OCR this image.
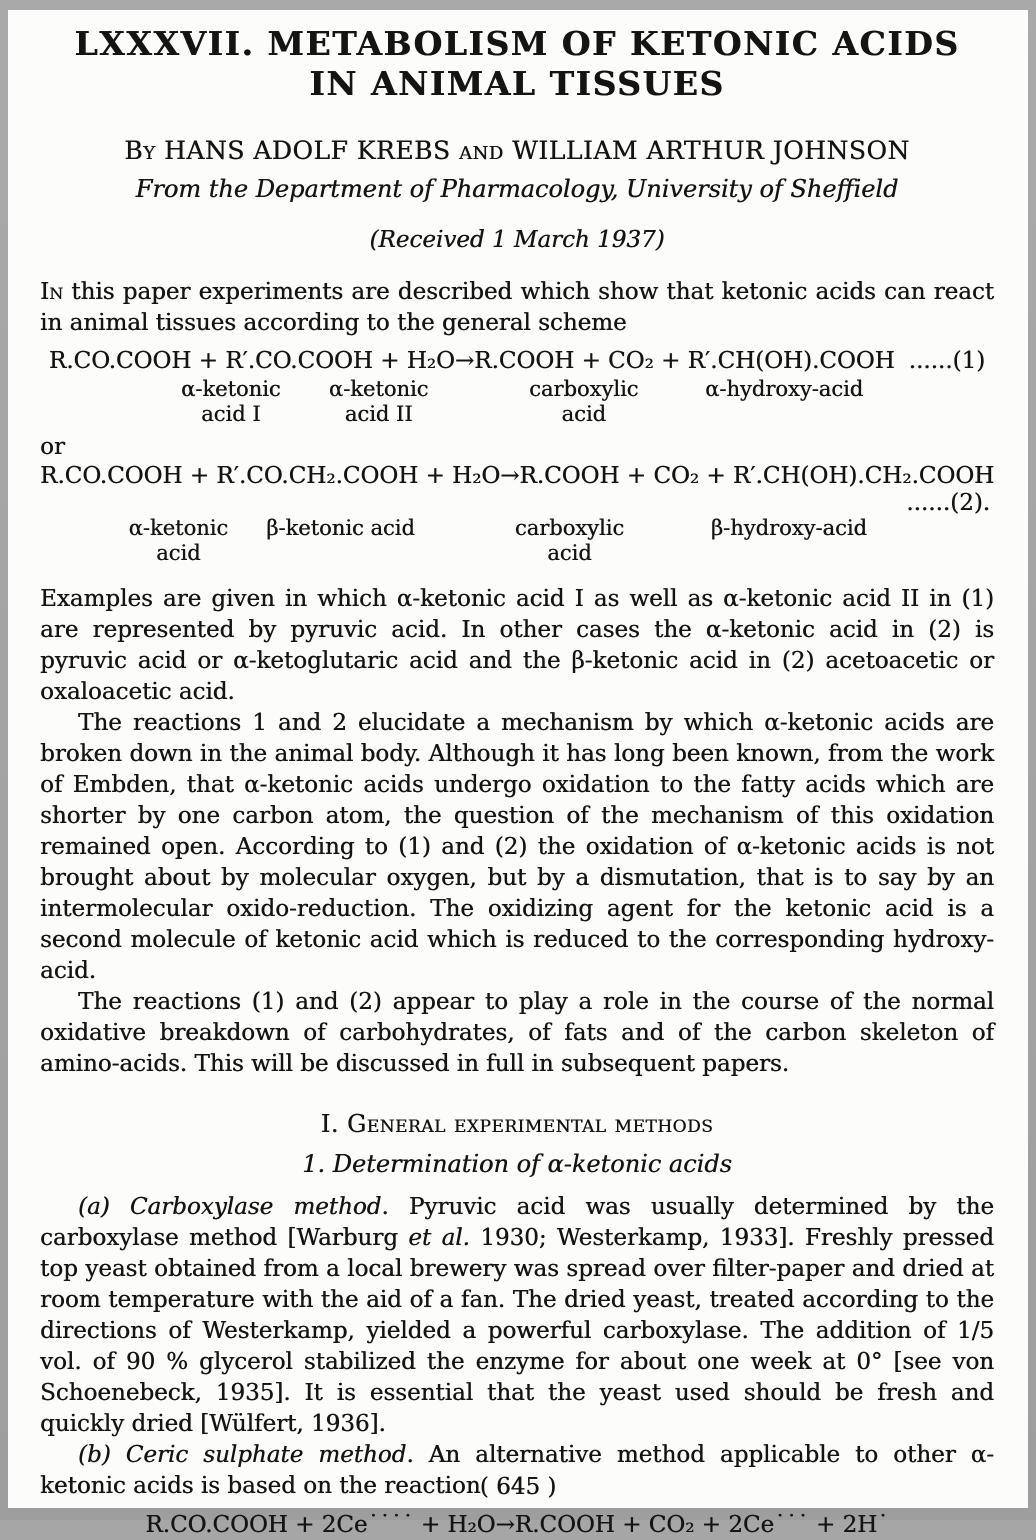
LXXXVII. METABOLISM OF KETONIC ACIDS
IN ANIMAL TISSUES
By HANS ADOLF KREBS and WILLIAM ARTHUR JOHNSON
From the Department of Pharmacology, University of Sheffield
(Received 1 March 1937)

In this paper experiments are described which show that ketonic acids can react in animal tissues according to the general scheme

R.CO.COOH + R′.CO.COOH + H₂O→R.COOH + CO₂ + R′.CH(OH).COOH ......(1)
α-ketonic
acid I
α-ketonic
acid II
carboxylic
acid
α-hydroxy-acid

or

R.CO.COOH + R′.CO.CH₂.COOH + H₂O→R.COOH + CO₂ + R′.CH(OH).CH₂.COOH
......(2).
α-ketonic
acid
β-ketonic acid	carboxylic
acid
β-hydroxy-acid

Examples are given in which α-ketonic acid I as well as α-ketonic acid II in (1) are represented by pyruvic acid. In other cases the α-ketonic acid in (2) is pyruvic acid or α-ketoglutaric acid and the β-ketonic acid in (2) acetoacetic or oxaloacetic acid.

The reactions 1 and 2 elucidate a mechanism by which α-ketonic acids are broken down in the animal body. Although it has long been known, from the work of Embden, that α-ketonic acids undergo oxidation to the fatty acids which are shorter by one carbon atom, the question of the mechanism of this oxidation remained open. According to (1) and (2) the oxidation of α-ketonic acids is not brought about by molecular oxygen, but by a dismutation, that is to say by an intermolecular oxido-reduction. The oxidizing agent for the ketonic acid is a second molecule of ketonic acid which is reduced to the corresponding hydroxy-acid.

The reactions (1) and (2) appear to play a role in the course of the normal oxidative breakdown of carbohydrates, of fats and of the carbon skeleton of amino-acids. This will be discussed in full in subsequent papers.

I. General experimental methods
1. Determination of α-ketonic acids

(a) Carboxylase method. Pyruvic acid was usually determined by the carboxylase method [Warburg et al. 1930; Westerkamp, 1933]. Freshly pressed top yeast obtained from a local brewery was spread over filter-paper and dried at room temperature with the aid of a fan. The dried yeast, treated according to the directions of Westerkamp, yielded a powerful carboxylase. The addition of 1/5 vol. of 90 % glycerol stabilized the enzyme for about one week at 0° [see von Schoenebeck, 1935]. It is essential that the yeast used should be fresh and quickly dried [Wülfert, 1936].

(b) Ceric sulphate method. An alternative method applicable to other α-ketonic acids is based on the reaction

R.CO.COOH + 2Ce˙˙˙˙ + H₂O→R.COOH + CO₂ + 2Ce˙˙˙ + 2H˙
( 645 )
